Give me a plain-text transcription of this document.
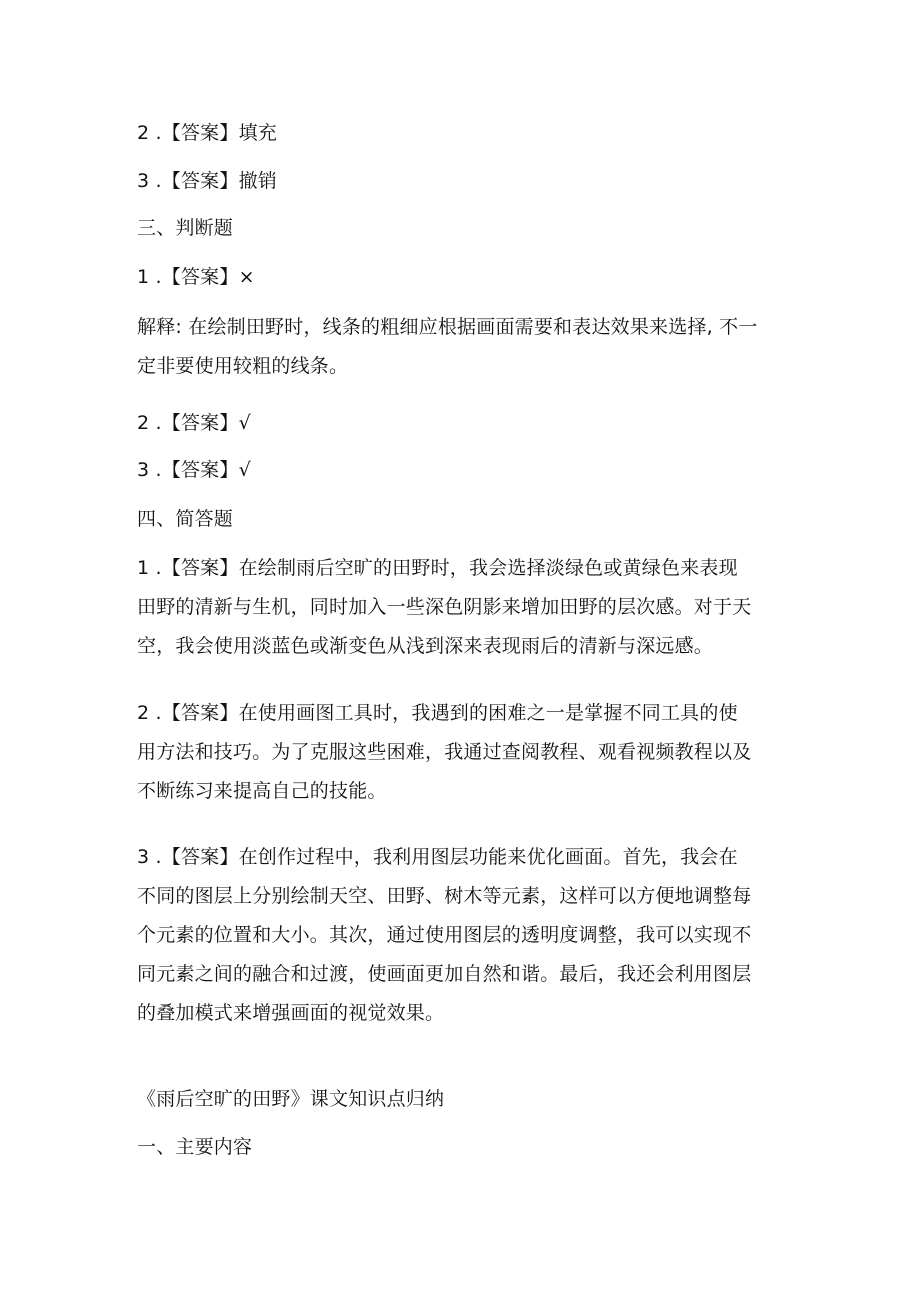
2 .【答案】填充
3 .【答案】撤销
三、判断题
1 .【答案】×
解释: 在绘制田野时，线条的粗细应根据画面需要和表达效果来选择, 不一
定非要使用较粗的线条。
2 .【答案】√
3 .【答案】√
四、简答题
1 .【答案】在绘制雨后空旷的田野时，我会选择淡绿色或黄绿色来表现
田野的清新与生机，同时加入一些深色阴影来增加田野的层次感。对于天
空，我会使用淡蓝色或渐变色从浅到深来表现雨后的清新与深远感。
2 .【答案】在使用画图工具时，我遇到的困难之一是掌握不同工具的使
用方法和技巧。为了克服这些困难，我通过查阅教程、观看视频教程以及
不断练习来提高自己的技能。
3 .【答案】在创作过程中，我利用图层功能来优化画面。首先，我会在
不同的图层上分别绘制天空、田野、树木等元素，这样可以方便地调整每
个元素的位置和大小。其次，通过使用图层的透明度调整，我可以实现不
同元素之间的融合和过渡，使画面更加自然和谐。最后，我还会利用图层
的叠加模式来增强画面的视觉效果。
《雨后空旷的田野》课文知识点归纳
一、主要内容
